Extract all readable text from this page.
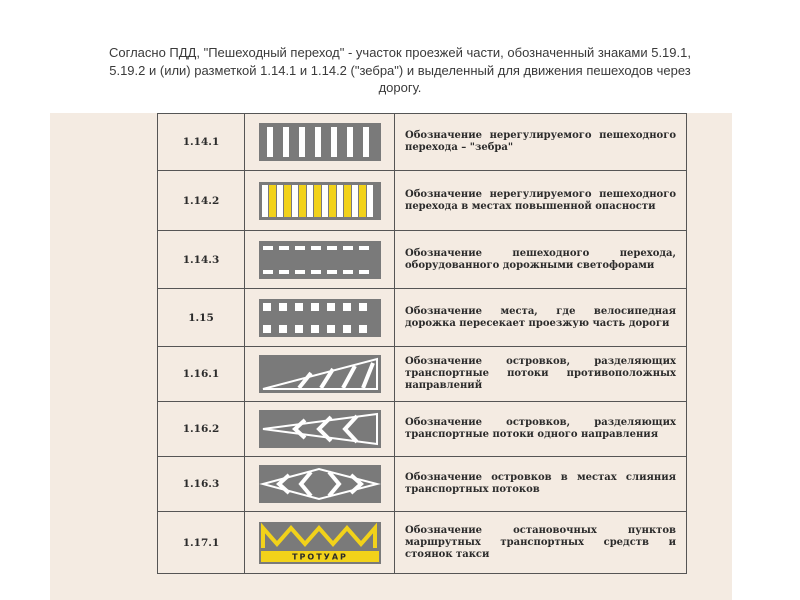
Согласно ПДД, "Пешеходный переход" - участок проезжей части, обозначенный знаками 5.19.1,
5.19.2 и (или) разметкой 1.14.1 и 1.14.2 ("зебра") и выделенный для движения пешеходов через
дорогу.
1.14.1		Обозначение нерегулируемого пешеходного перехода – "зебра"
1.14.2		Обозначение нерегулируемого пешеходного перехода в местах повышенной опасности
1.14.3		Обозначение пешеходного перехода, оборудованного дорожными светофорами
1.15		Обозначение места, где велосипедная дорожка пересекает проезжую часть дороги
1.16.1		Обозначение островков, разделяющих транспортные потоки противоположных направлений
1.16.2		Обозначение островков, разделяющих транспортные потоки одного направления
1.16.3		Обозначение островков в местах слияния транспортных потоков
1.17.1	ТРОТУАР	Обозначение остановочных пунктов маршрутных транспортных средств и стоянок такси
